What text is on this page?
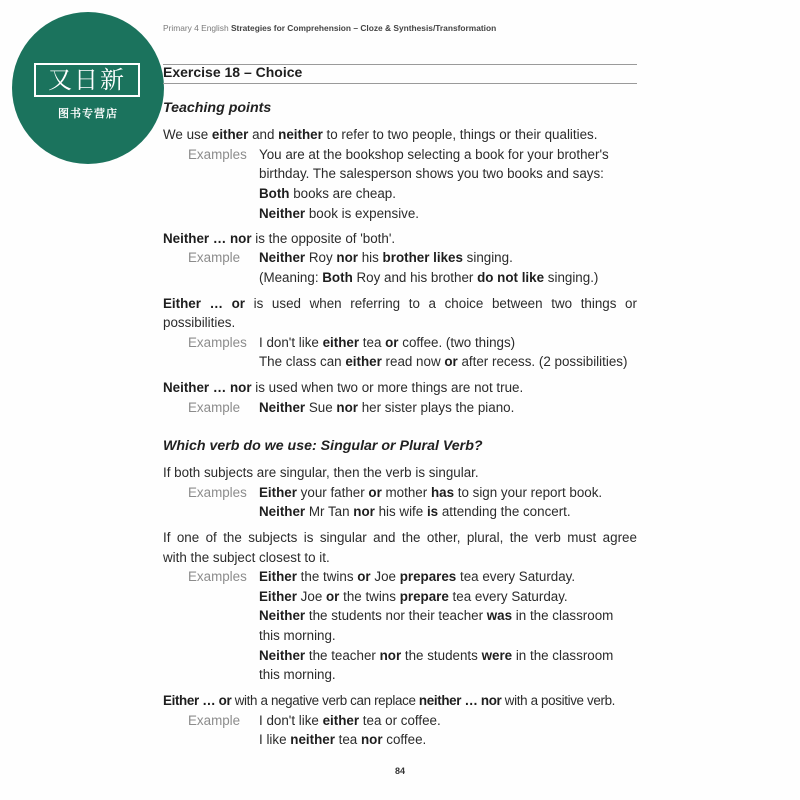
又日新
图书专营店
Primary 4 English Strategies for Comprehension – Cloze & Synthesis/Transformation
Exercise 18 – Choice
Teaching points
We use either and neither to refer to two people, things or their qualities.
Examples You are at the bookshop selecting a book for your brother's
birthday. The salesperson shows you two books and says:
Both books are cheap.
Neither book is expensive.
Neither … nor is the opposite of 'both'.
Example Neither Roy nor his brother likes singing.
(Meaning: Both Roy and his brother do not like singing.)
Either … or is used when referring to a choice between two things or
possibilities.
Examples I don't like either tea or coffee. (two things)
The class can either read now or after recess. (2 possibilities)
Neither … nor is used when two or more things are not true.
Example Neither Sue nor her sister plays the piano.
Which verb do we use: Singular or Plural Verb?
If both subjects are singular, then the verb is singular.
Examples Either your father or mother has to sign your report book.
Neither Mr Tan nor his wife is attending the concert.
If one of the subjects is singular and the other, plural, the verb must agree
with the subject closest to it.
Examples Either the twins or Joe prepares tea every Saturday.
Either Joe or the twins prepare tea every Saturday.
Neither the students nor their teacher was in the classroom
this morning.
Neither the teacher nor the students were in the classroom
this morning.
Either … or with a negative verb can replace neither … nor with a positive verb.
Example I don't like either tea or coffee.
I like neither tea nor coffee.
84
